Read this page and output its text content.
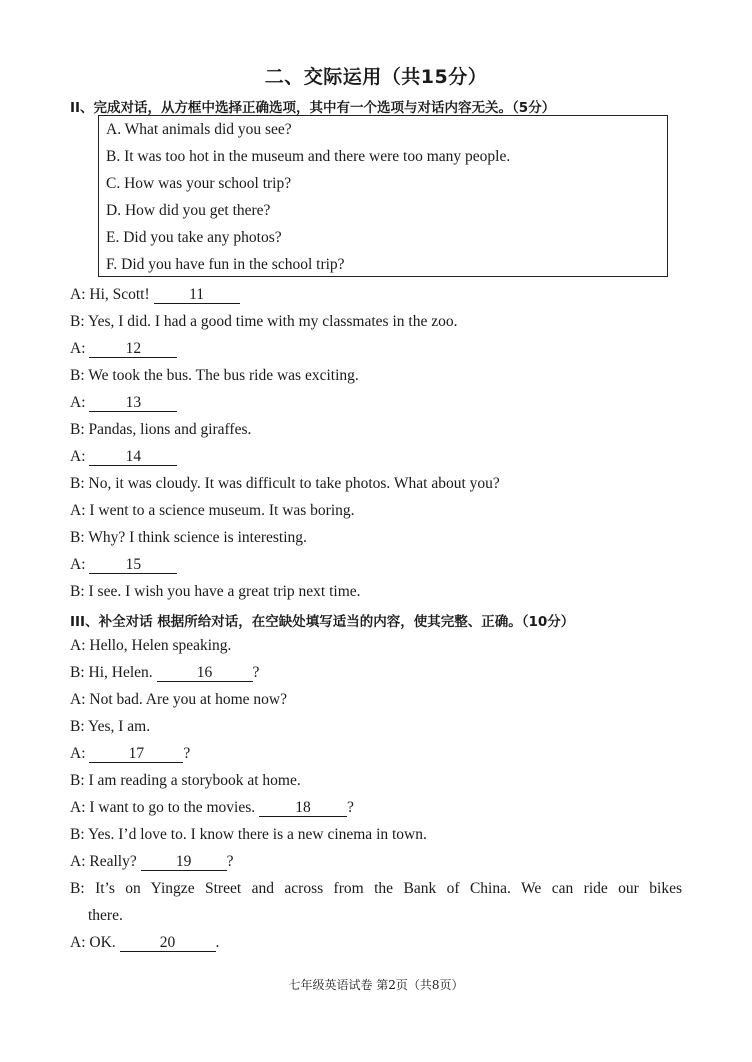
二、交际运用（共15分）
II、完成对话，从方框中选择正确选项，其中有一个选项与对话内容无关。（5分）
A. What animals did you see?
B. It was too hot in the museum and there were too many people.
C. How was your school trip?
D. How did you get there?
E. Did you take any photos?
F. Did you have fun in the school trip?
A: Hi, Scott! 11
B: Yes, I did. I had a good time with my classmates in the zoo.
A: 12
B: We took the bus. The bus ride was exciting.
A: 13
B: Pandas, lions and giraffes.
A: 14
B: No, it was cloudy. It was difficult to take photos. What about you?
A: I went to a science museum. It was boring.
B: Why? I think science is interesting.
A: 15
B: I see. I wish you have a great trip next time.
III、补全对话 根据所给对话，在空缺处填写适当的内容，使其完整、正确。（10分）
A: Hello, Helen speaking.
B: Hi, Helen.	16	?
A: Not bad. Are you at home now?
B: Yes, I am.
A:	17	?
B: I am reading a storybook at home.
A: I want to go to the movies. 18 ?
B: Yes. I’d love to. I know there is a new cinema in town.
A: Really? 19 ?
B: It’s on Yingze Street and across from the Bank of China. We can ride our bikes
there.
A: OK.	20	.
七年级英语试卷 第2页（共8页）
